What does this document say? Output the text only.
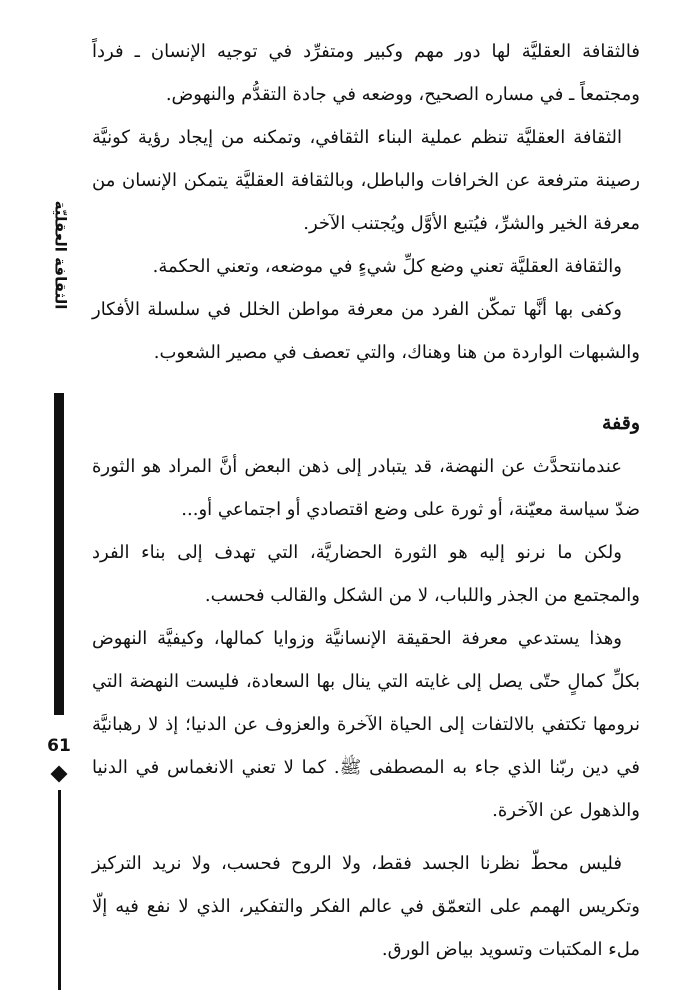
فالثقافة العقليَّة لها دور مهم وكبير ومتفرِّد في توجيه الإنسان ـ فرداً ومجتمعاً ـ في مساره الصحيح، ووضعه في جادة التقدُّم والنهوض.

الثقافة العقليَّة تنظم عملية البناء الثقافي، وتمكنه من إيجاد رؤية كونيَّة رصينة مترفعة عن الخرافات والباطل، وبالثقافة العقليَّة يتمكن الإنسان من معرفة الخير والشرِّ، فيُتبع الأوَّل ويُجتنب الآخر.

والثقافة العقليَّة تعني وضع كلِّ شيءٍ في موضعه، وتعني الحكمة.

وكفى بها أنَّها تمكّن الفرد من معرفة مواطن الخلل في سلسلة الأفكار والشبهات الواردة من هنا وهناك، والتي تعصف في مصير الشعوب.

وقفة

عندمانتحدَّث عن النهضة، قد يتبادر إلى ذهن البعض أنَّ المراد هو الثورة ضدّ سياسة معيّنة، أو ثورة على وضع اقتصادي أو اجتماعي أو...

ولكن ما نرنو إليه هو الثورة الحضاريَّة، التي تهدف إلى بناء الفرد والمجتمع من الجذر واللباب، لا من الشكل والقالب فحسب.

وهذا يستدعي معرفة الحقيقة الإنسانيَّة وزوايا كمالها، وكيفيَّة النهوض بكلِّ كمالٍ حتّى يصل إلى غايته التي ينال بها السعادة، فليست النهضة التي نرومها تكتفي بالالتفات إلى الحياة الآخرة والعزوف عن الدنيا؛ إذ لا رهبانيَّة في دين ربّنا الذي جاء به المصطفى ﷺ. كما لا تعني الانغماس في الدنيا والذهول عن الآخرة.

فليس محطّ نظرنا الجسد فقط، ولا الروح فحسب، ولا نريد التركيز وتكريس الهمم على التعمّق في عالم الفكر والتفكير، الذي لا نفع فيه إلّا ملء المكتبات وتسويد بياض الورق.

الثقافة العقليّة
61
